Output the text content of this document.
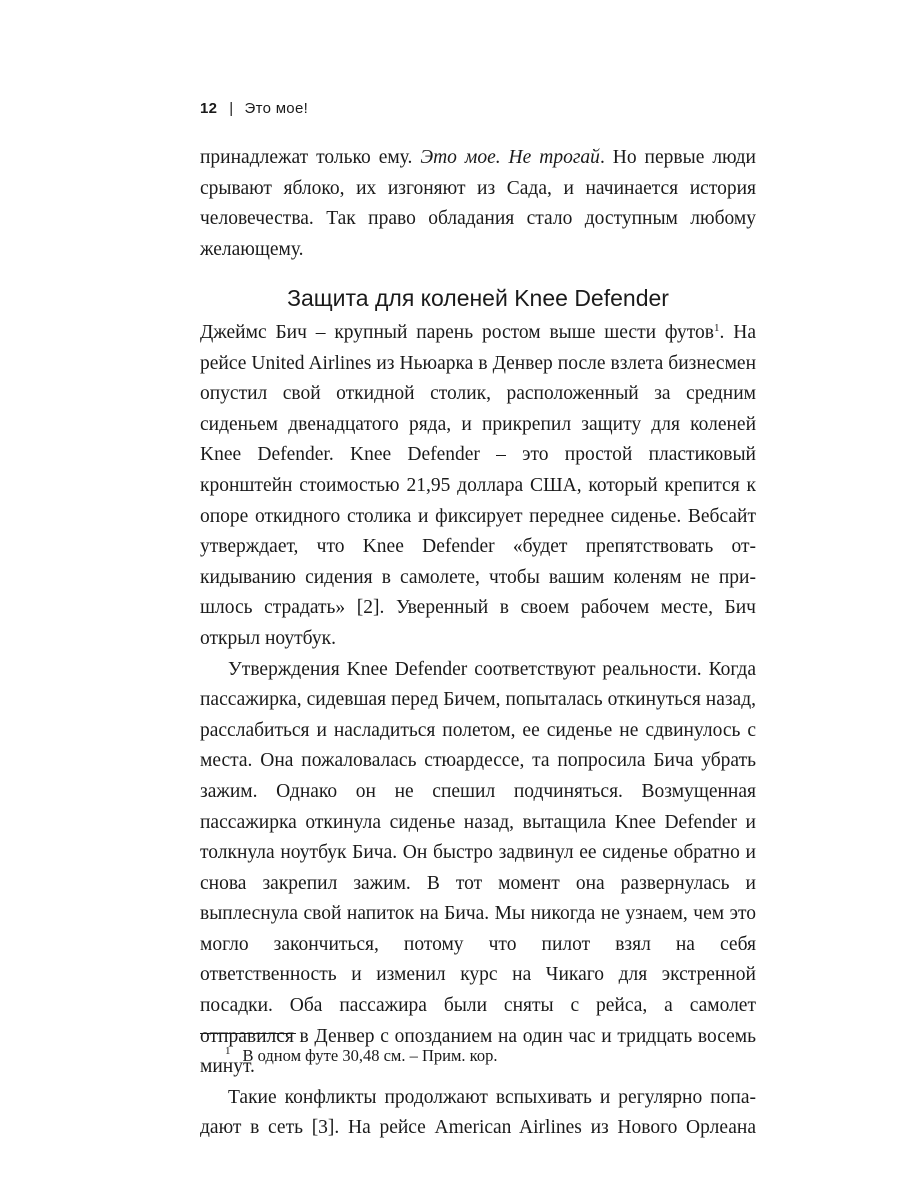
12 | Это мое!

принадлежат только ему. Это мое. Не трогай. Но первые люди срывают яблоко, их изгоняют из Сада, и начинается история человечества. Так право обладания стало доступным любому желающему.

Защита для коленей Knee Defender

Джеймс Бич – крупный парень ростом выше шести футов$^1$. На рейсе United Airlines из Ньюарка в Денвер после взлета бизнесмен опустил свой откидной столик, расположенный за средним сиденьем двенадцатого ряда, и прикрепил защиту для коленей Knee Defender. Knee Defender – это простой пластиковый кронштейн стоимостью 21,95 доллара США, который крепится к опоре откидного столика и фиксирует переднее сиденье. Вебсайт утверждает, что Knee Defender «будет препятствовать откидыванию сидения в самолете, чтобы вашим коленям не пришлось страдать» [2]. Уверенный в своем рабочем месте, Бич открыл ноутбук.

Утверждения Knee Defender соответствуют реальности. Когда пассажирка, сидевшая перед Бичем, попыталась откинуться назад, расслабиться и насладиться полетом, ее сиденье не сдвинулось с места. Она пожаловалась стюардессе, та попросила Бича убрать зажим. Однако он не спешил подчиняться. Возмущенная пассажирка откинула сиденье назад, вытащила Knee Defender и толкнула ноутбук Бича. Он быстро задвинул ее сиденье обратно и снова закрепил зажим. В тот момент она развернулась и выплеснула свой напиток на Бича. Мы никогда не узнаем, чем это могло закончиться, потому что пилот взял на себя ответственность и изменил курс на Чикаго для экстренной посадки. Оба пассажира были сняты с рейса, а самолет отправился в Денвер с опозданием на один час и тридцать восемь минут.

Такие конфликты продолжают вспыхивать и регулярно попадают в сеть [3]. На рейсе American Airlines из Нового Орлеана

$^1$ В одном футе 30,48 см. – Прим. кор.
